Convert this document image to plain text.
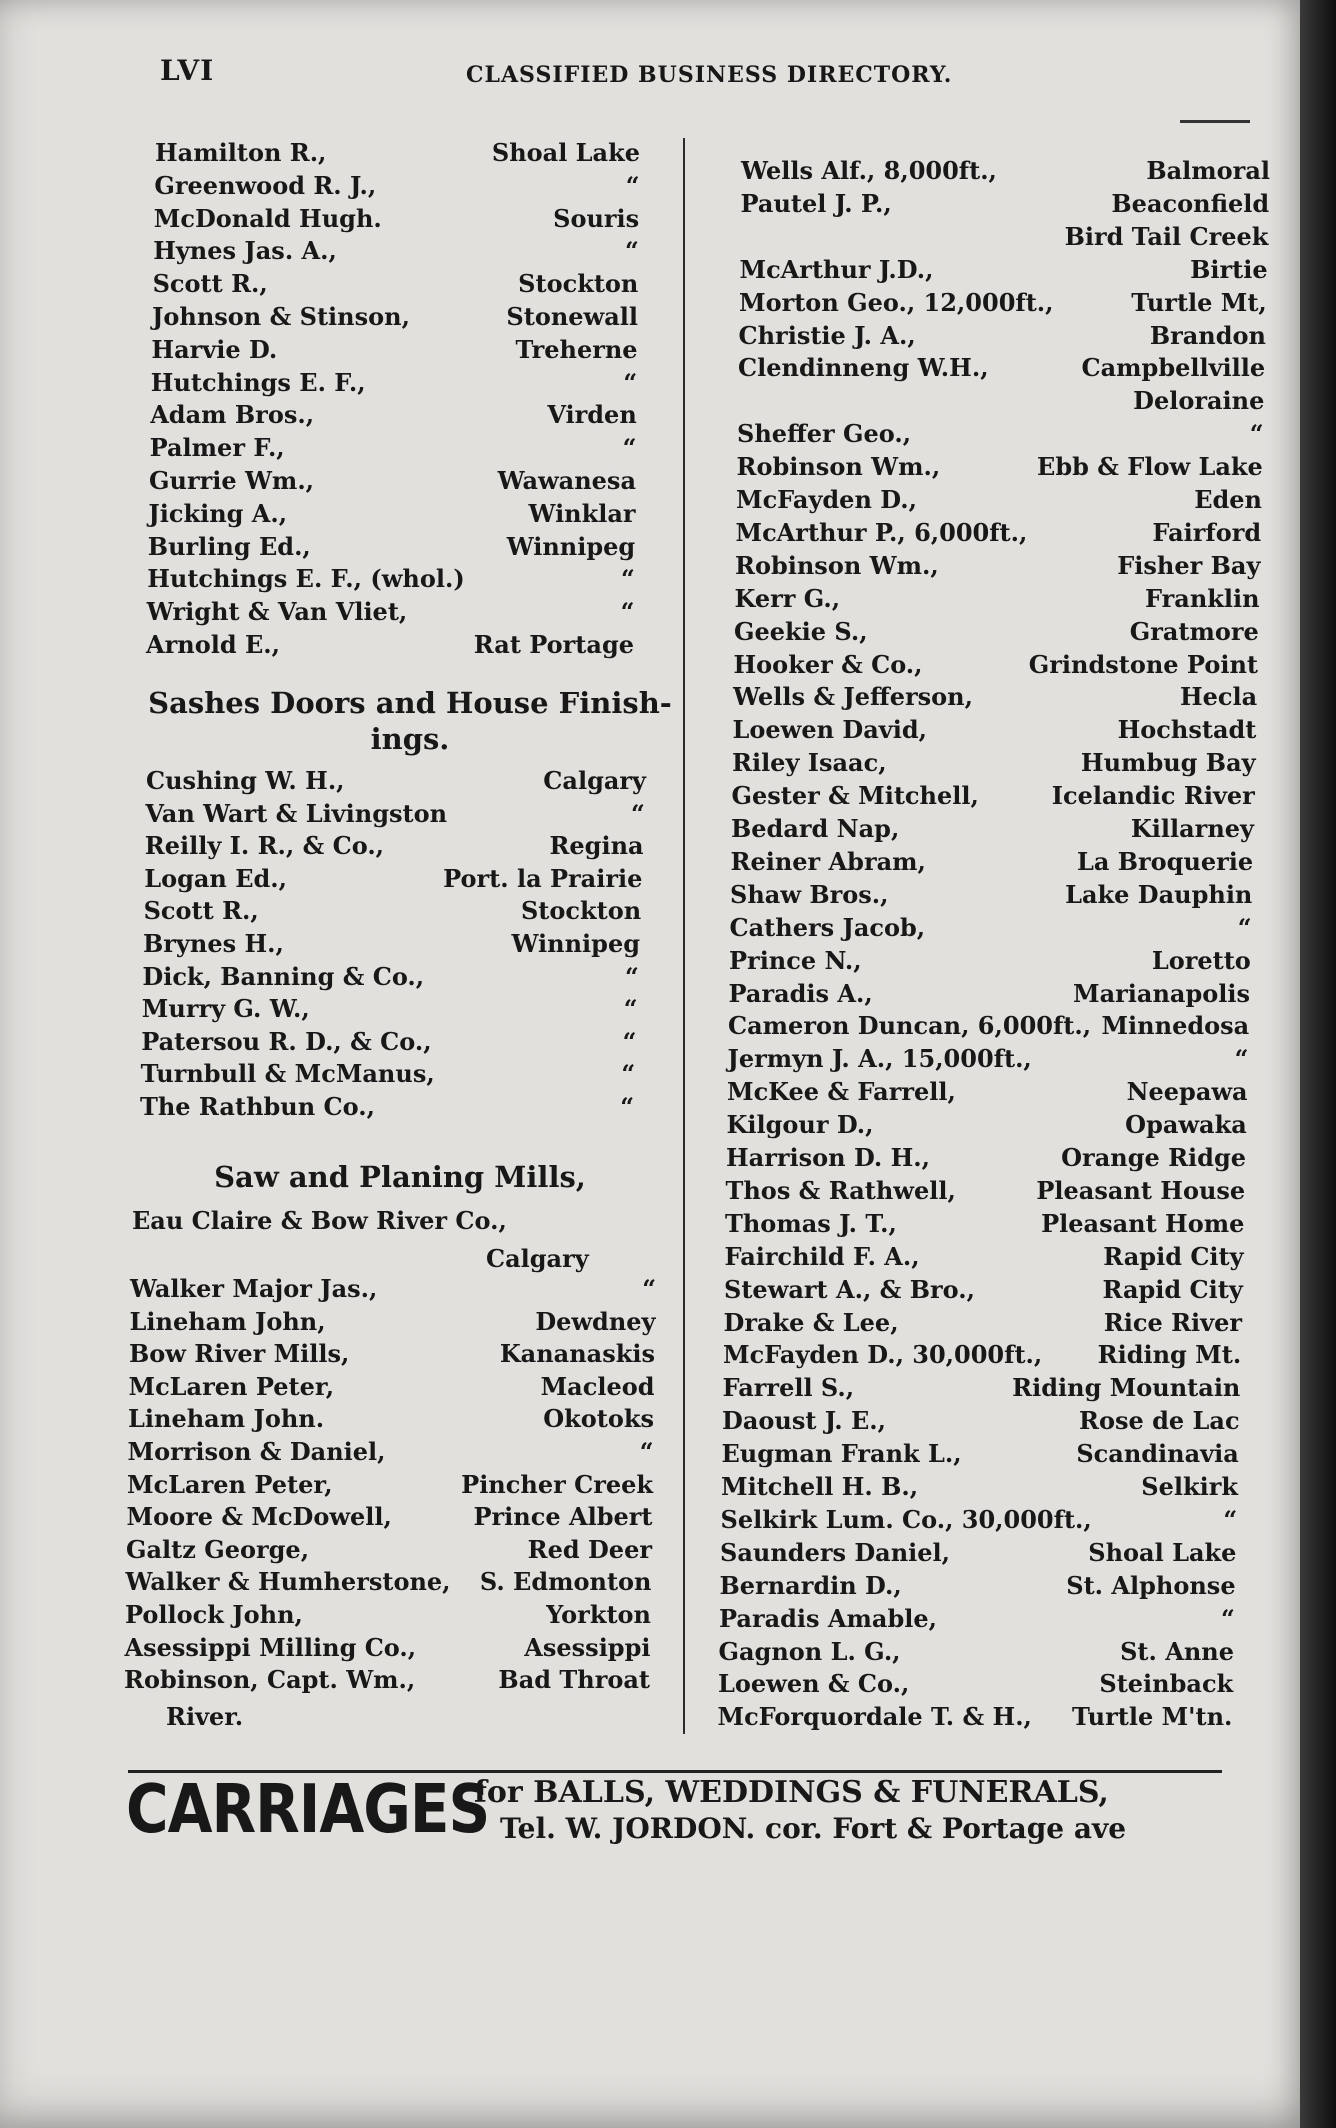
LVI	CLASSIFIED BUSINESS DIRECTORY.
Hamilton R.,	Shoal Lake
Greenwood R. J.,	“
McDonald Hugh.	Souris
Hynes Jas. A.,	“
Scott R.,	Stockton
Johnson & Stinson,	Stonewall
Harvie D.	Treherne
Hutchings E. F.,	“
Adam Bros.,	Virden
Palmer F.,	“
Gurrie Wm.,	Wawanesa
Jicking A.,	Winklar
Burling Ed.,	Winnipeg
Hutchings E. F., (whol.)	“
Wright & Van Vliet,	“
Arnold E.,	Rat Portage
Sashes Doors and House Finish-
ings.
Cushing W. H.,	Calgary
Van Wart & Livingston	“
Reilly I. R., & Co.,	Regina
Logan Ed.,	Port. la Prairie
Scott R.,	Stockton
Brynes H.,	Winnipeg
Dick, Banning & Co.,	“
Murry G. W.,	“
Patersou R. D., & Co.,	“
Turnbull & McManus,	“
The Rathbun Co.,	“
Saw and Planing Mills,
Eau Claire & Bow River Co.,
Calgary
Walker Major Jas.,	“
Lineham John,	Dewdney
Bow River Mills,	Kananaskis
McLaren Peter,	Macleod
Lineham John.	Okotoks
Morrison & Daniel,	“
McLaren Peter,	Pincher Creek
Moore & McDowell,	Prince Albert
Galtz George,	Red Deer
Walker & Humherstone, S. Edmonton
Pollock John,	Yorkton
Asessippi Milling Co.,	Asessippi
Robinson, Capt. Wm.,	Bad Throat
River.
Wells Alf., 8,000ft.,	Balmoral
Pautel J. P.,	Beaconfield
Bird Tail Creek
McArthur J.D.,	Birtie
Morton Geo., 12,000ft.,	Turtle Mt,
Christie J. A.,	Brandon
Clendinneng W.H.,	Campbellville
Deloraine
Sheffer Geo.,	“
Robinson Wm.,	Ebb & Flow Lake
McFayden D.,	Eden
McArthur P., 6,000ft.,	Fairford
Robinson Wm.,	Fisher Bay
Kerr G.,	Franklin
Geekie S.,	Gratmore
Hooker & Co.,	Grindstone Point
Wells & Jefferson,	Hecla
Loewen David,	Hochstadt
Riley Isaac,	Humbug Bay
Gester & Mitchell,	Icelandic River
Bedard Nap,	Killarney
Reiner Abram,	La Broquerie
Shaw Bros.,	Lake Dauphin
Cathers Jacob,	“
Prince N.,	Loretto
Paradis A.,	Marianapolis
Cameron Duncan, 6,000ft., Minnedosa
Jermyn J. A., 15,000ft.,	“
McKee & Farrell,	Neepawa
Kilgour D.,	Opawaka
Harrison D. H.,	Orange Ridge
Thos & Rathwell,	Pleasant House
Thomas J. T.,	Pleasant Home
Fairchild F. A.,	Rapid City
Stewart A., & Bro.,	Rapid City
Drake & Lee,	Rice River
McFayden D., 30,000ft., Riding Mt.
Farrell S.,	Riding Mountain
Daoust J. E.,	Rose de Lac
Eugman Frank L.,	Scandinavia
Mitchell H. B.,	Selkirk
Selkirk Lum. Co., 30,000ft.,	“
Saunders Daniel,	Shoal Lake
Bernardin D.,	St. Alphonse
Paradis Amable,	“
Gagnon L. G.,	St. Anne
Loewen & Co.,	Steinback
McForquordale T. & H., Turtle M'tn.
CARRIAGES
for BALLS, WEDDINGS & FUNERALS,
Tel. W. JORDON. cor. Fort & Portage ave
